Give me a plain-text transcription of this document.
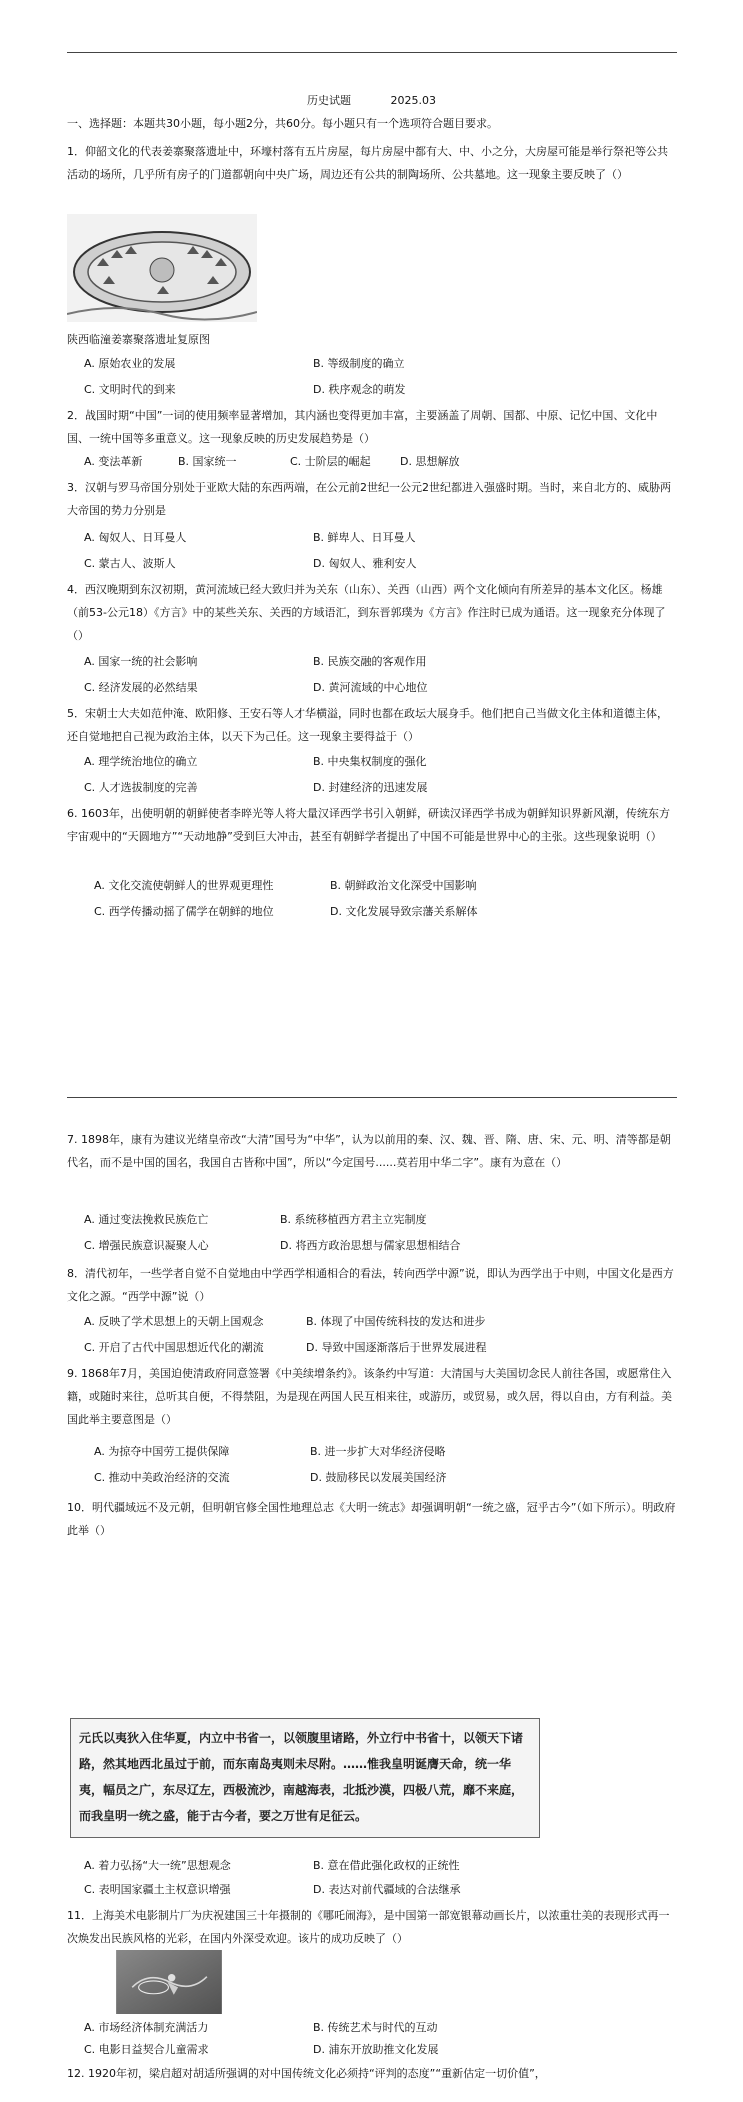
历史试题	2025.03
一、选择题：本题共30小题，每小题2分，共60分。每小题只有一个选项符合题目要求。
1．仰韶文化的代表姜寨聚落遗址中，环壕村落有五片房屋，每片房屋中都有大、中、小之分，大房屋可能是举行祭祀等公共活动的场所，几乎所有房子的门道都朝向中央广场，周边还有公共的制陶场所、公共墓地。这一现象主要反映了（）
陕西临潼姜寨聚落遗址复原图
A. 原始农业的发展	B. 等级制度的确立
C. 文明时代的到来	D. 秩序观念的萌发
2．战国时期“中国”一词的使用频率显著增加，其内涵也变得更加丰富，主要涵盖了周朝、国都、中原、记忆中国、文化中国、一统中国等多重意义。这一现象反映的历史发展趋势是（）
A. 变法革新	B. 国家统一	C. 士阶层的崛起	D. 思想解放
3．汉朝与罗马帝国分别处于亚欧大陆的东西两端，在公元前2世纪一公元2世纪都进入强盛时期。当时，来自北方的、威胁两大帝国的势力分别是
A. 匈奴人、日耳曼人	B. 鲜卑人、日耳曼人
C. 蒙古人、波斯人	D. 匈奴人、雅利安人
4．西汉晚期到东汉初期，黄河流域已经大致归并为关东（山东）、关西（山西）两个文化倾向有所差异的基本文化区。杨雄（前53-公元18）《方言》中的某些关东、关西的方域语汇，到东晋郭璞为《方言》作注时已成为通语。这一现象充分体现了（）
A. 国家一统的社会影响	B. 民族交融的客观作用
C. 经济发展的必然结果	D. 黄河流域的中心地位
5．宋朝士大夫如范仲淹、欧阳修、王安石等人才华横溢，同时也都在政坛大展身手。他们把自己当做文化主体和道德主体，还自觉地把自己视为政治主体，以天下为己任。这一现象主要得益于（）
A. 理学统治地位的确立	B. 中央集权制度的强化
C. 人才选拔制度的完善	D. 封建经济的迅速发展
6. 1603年，出使明朝的朝鲜使者李晬光等人将大量汉译西学书引入朝鲜，研读汉译西学书成为朝鲜知识界新风潮，传统东方宇宙观中的“天圆地方”“天动地静”受到巨大冲击，甚至有朝鲜学者提出了中国不可能是世界中心的主张。这些现象说明（）
A. 文化交流使朝鲜人的世界观更理性	B. 朝鲜政治文化深受中国影响
C. 西学传播动摇了儒学在朝鲜的地位	D. 文化发展导致宗藩关系解体
7. 1898年，康有为建议光绪皇帝改“大清”国号为“中华”，认为以前用的秦、汉、魏、晋、隋、唐、宋、元、明、清等都是朝代名，而不是中国的国名，我国自古皆称中国”，所以“今定国号......莫若用中华二字”。康有为意在（）
A. 通过变法挽救民族危亡	B. 系统移植西方君主立宪制度
C. 增强民族意识凝聚人心	D. 将西方政治思想与儒家思想相结合
8．清代初年，一些学者自觉不自觉地由中学西学相通相合的看法，转向西学中源”说，即认为西学出于中则，中国文化是西方文化之源。“西学中源”说（）
A. 反映了学术思想上的天朝上国观念	B. 体现了中国传统科技的发达和进步
C. 开启了古代中国思想近代化的潮流	D. 导致中国逐渐落后于世界发展进程
9. 1868年7月，美国迫使清政府同意签署《中美续增条约》。该条约中写道：大清国与大美国切念民人前往各国，或愿常住入籍，或随时来往，总听其自便，不得禁阻，为是现在两国人民互相来往，或游历，或贸易，或久居，得以自由，方有利益。美国此举主要意图是（）
A. 为掠夺中国劳工提供保障	B. 进一步扩大对华经济侵略
C. 推动中美政治经济的交流	D. 鼓励移民以发展美国经济
10．明代疆域远不及元朝，但明朝官修全国性地理总志《大明一统志》却强调明朝“一统之盛，冠乎古今”（如下所示）。明政府此举（）
元氏以夷狄入住华夏，内立中书省一，以领腹里诸路，外立行中书省十，以领天下诸路，然其地西北虽过于前，而东南岛夷则未尽附。……惟我皇明诞膺天命，统一华夷，幅员之广，东尽辽左，西极流沙，南越海表，北抵沙漠，四极八荒，靡不来庭，而我皇明一统之盛，能于古今者，要之万世有足征云。
A. 着力弘扬“大一统”思想观念	B. 意在借此强化政权的正统性
C. 表明国家疆土主权意识增强	D. 表达对前代疆域的合法继承
11．上海美术电影制片厂为庆祝建国三十年摄制的《哪吒闹海》，是中国第一部宽银幕动画长片，以浓重壮美的表现形式再一次焕发出民族风格的光彩，在国内外深受欢迎。该片的成功反映了（）
A. 市场经济体制充满活力	B. 传统艺术与时代的互动
C. 电影日益契合儿童需求	D. 浦东开放助推文化发展
12. 1920年初，梁启超对胡适所强调的对中国传统文化必须持“评判的态度”“重新估定一切价值”，
